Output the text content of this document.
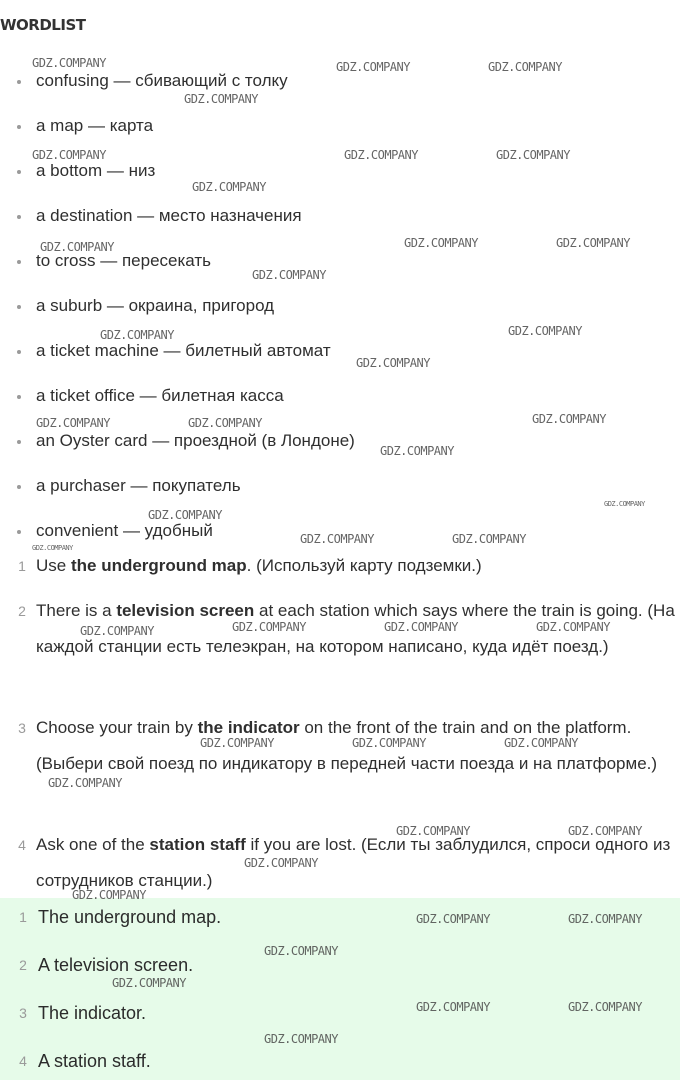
WORDLIST
confusing — сбивающий с толку
a map — карта
a bottom — низ
a destination — место назначения
to cross — пересекать
a suburb — окраина, пригород
a ticket machine — билетный автомат
a ticket office — билетная касса
an Oyster card — проездной (в Лондоне)
a purchaser — покупатель
convenient — удобный
1 Use the underground map. (Используй карту подземки.)
2 There is a television screen at each station which says where the train is going. (На каждой станции есть телеэкран, на котором написано, куда идёт поезд.)
3 Choose your train by the indicator on the front of the train and on the platform. (Выбери свой поезд по индикатору в передней части поезда и на платформе.)
4 Ask one of the station staff if you are lost. (Если ты заблудился, спроси одного из сотрудников станции.)
1 The underground map.
2 A television screen.
3 The indicator.
4 A station staff.
GDZ.COMPANY	GDZ.COMPANY	GDZ.COMPANY
GDZ.COMPANY
GDZ.COMPANY	GDZ.COMPANY	GDZ.COMPANY
GDZ.COMPANY
GDZ.COMPANY	GDZ.COMPANY	GDZ.COMPANY
GDZ.COMPANY
GDZ.COMPANY	GDZ.COMPANY
GDZ.COMPANY
GDZ.COMPANY	GDZ.COMPANY	GDZ.COMPANY
GDZ.COMPANY
GDZ.COMPANY
GDZ.COMPANY
GDZ.COMPANY	GDZ.COMPANY
GDZ.COMPANY
GDZ.COMPANY	GDZ.COMPANY	GDZ.COMPANY	GDZ.COMPANY
GDZ.COMPANY	GDZ.COMPANY	GDZ.COMPANY
GDZ.COMPANY
GDZ.COMPANY	GDZ.COMPANY
GDZ.COMPANY
GDZ.COMPANY
GDZ.COMPANY	GDZ.COMPANY
GDZ.COMPANY
GDZ.COMPANY
GDZ.COMPANY	GDZ.COMPANY
GDZ.COMPANY
